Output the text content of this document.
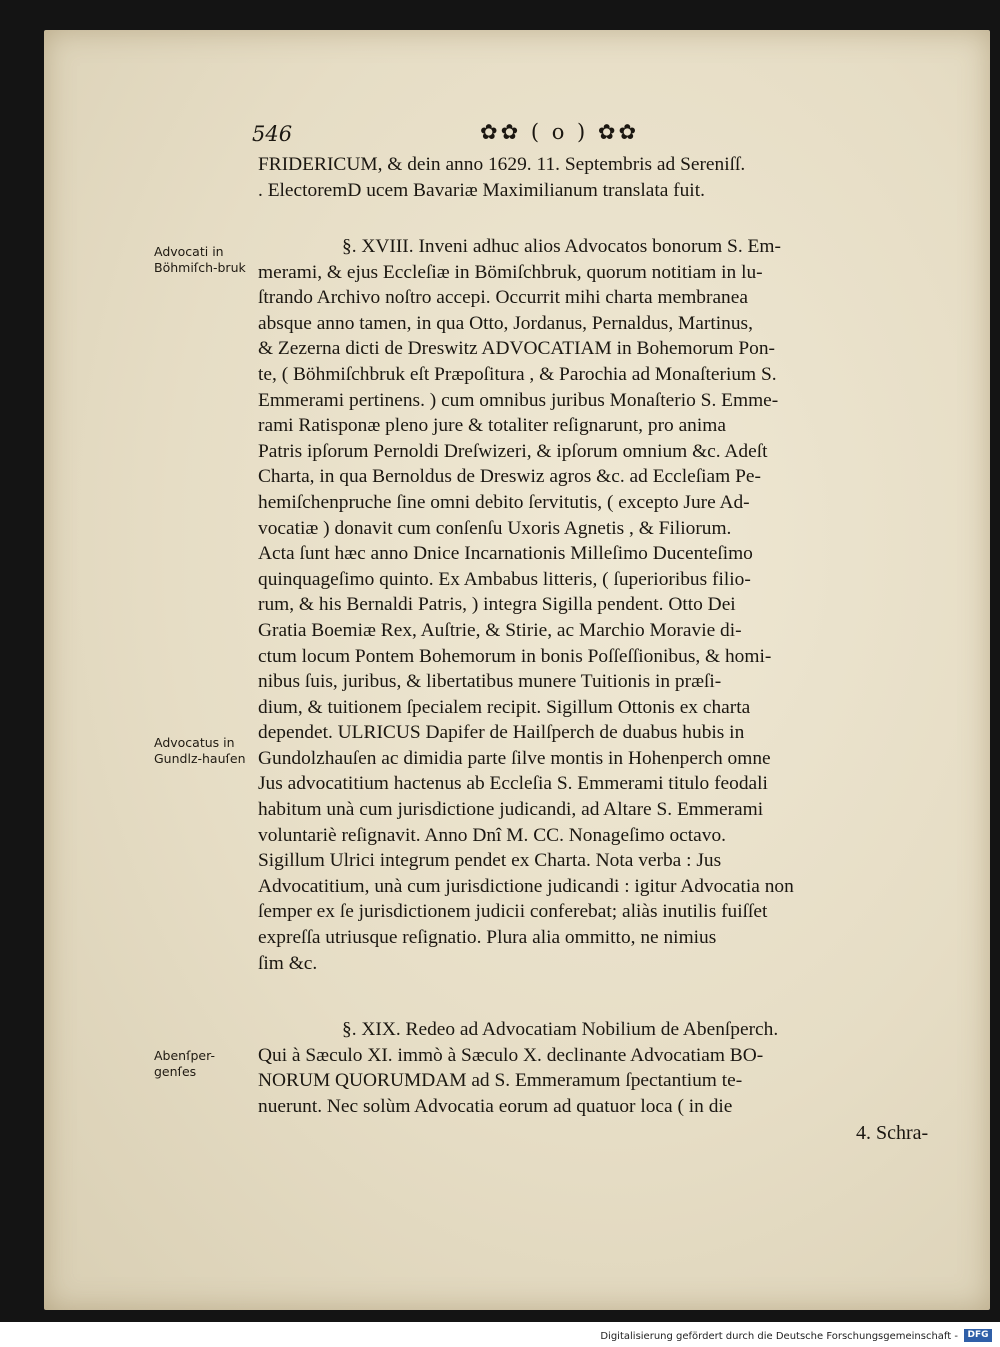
546	✿✿ ( o ) ✿✿
FRIDERICUM, & dein anno 1629. 11. Septembris ad Sereniſſ.
. ElectoremD ucem Bavariæ Maximilianum translata fuit.
Advocati in Böhmiſch-bruk
Advocatus in Gundlz-hauſen
Abenſper-genſes
§. XVIII. Inveni adhuc alios Advocatos bonorum S. Em-
merami, & ejus Eccleſiæ in Bömiſchbruk, quorum notitiam in lu-
ſtrando Archivo noſtro accepi. Occurrit mihi charta membranea
absque anno tamen, in qua Otto, Jordanus, Pernaldus, Martinus,
& Zezerna dicti de Dreswitz ADVOCATIAM in Bohemorum Pon-
te, ( Böhmiſchbruk eſt Præpoſitura , & Parochia ad Monaſterium S.
Emmerami pertinens. ) cum omnibus juribus Monaſterio S. Emme-
rami Ratisponæ pleno jure & totaliter reſignarunt, pro anima
Patris ipſorum Pernoldi Dreſwizeri, & ipſorum omnium &c. Adeſt
Charta, in qua Bernoldus de Dreswiz agros &c. ad Eccleſiam Pe-
hemiſchenpruche ſine omni debito ſervitutis, ( excepto Jure Ad-
vocatiæ ) donavit cum conſenſu Uxoris Agnetis , & Filiorum.
Acta ſunt hæc anno Dnice Incarnationis Milleſimo Ducenteſimo
quinquageſimo quinto. Ex Ambabus litteris, ( ſuperioribus filio-
rum, & his Bernaldi Patris, ) integra Sigilla pendent. Otto Dei
Gratia Boemiæ Rex, Auſtrie, & Stirie, ac Marchio Moravie di-
ctum locum Pontem Bohemorum in bonis Poſſeſſionibus, & homi-
nibus ſuis, juribus, & libertatibus munere Tuitionis in præſi-
dium, & tuitionem ſpecialem recipit. Sigillum Ottonis ex charta
dependet. ULRICUS Dapifer de Hailſperch de duabus hubis in
Gundolzhauſen ac dimidia parte ſilve montis in Hohenperch omne
Jus advocatitium hactenus ab Eccleſia S. Emmerami titulo feodali
habitum unà cum jurisdictione judicandi, ad Altare S. Emmerami
voluntariè reſignavit. Anno Dnî M. CC. Nonageſimo octavo.
Sigillum Ulrici integrum pendet ex Charta. Nota verba : Jus
Advocatitium, unà cum jurisdictione judicandi : igitur Advocatia non
ſemper ex ſe jurisdictionem judicii conferebat; aliàs inutilis fuiſſet
expreſſa utriusque reſignatio. Plura alia ommitto, ne nimius
ſim &c.
§. XIX. Redeo ad Advocatiam Nobilium de Abenſperch.
Qui à Sæculo XI. immò à Sæculo X. declinante Advocatiam BO-
NORUM QUORUMDAM ad S. Emmeramum ſpectantium te-
nuerunt. Nec solùm Advocatia eorum ad quatuor loca ( in die
4. Schra-
Digitalisierung gefördert durch die Deutsche Forschungsgemeinschaft -	DFG
